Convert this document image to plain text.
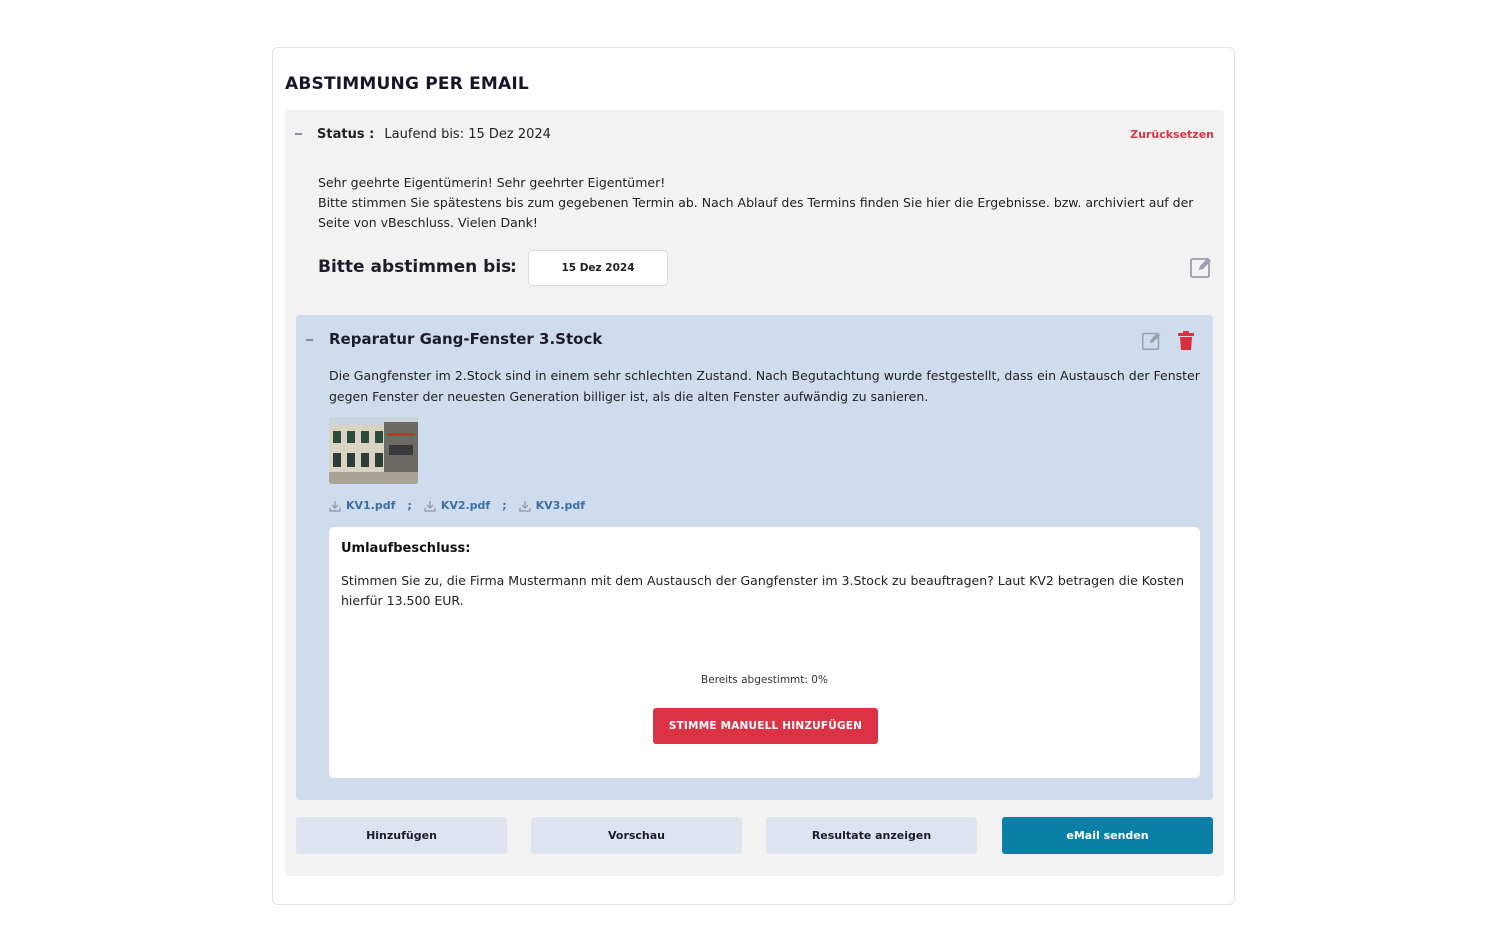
ABSTIMMUNG PER EMAIL
Status : Laufend bis: 15 Dez 2024	Zurücksetzen
Sehr geehrte Eigentümerin! Sehr geehrter Eigentümer!
Bitte stimmen Sie spätestens bis zum gegebenen Termin ab. Nach Ablauf des Termins finden Sie hier die Ergebnisse. bzw. archiviert auf der Seite von vBeschluss. Vielen Dank!
Bitte abstimmen bis
:	15 Dez 2024
Reparatur Gang-Fenster 3.Stock
Die Gangfenster im 2.Stock sind in einem sehr schlechten Zustand. Nach Begutachtung wurde festgestellt, dass ein Austausch der Fenster gegen Fenster der neuesten Generation billiger ist, als die alten Fenster aufwändig zu sanieren.
KV1.pdf ;	KV2.pdf ;	KV3.pdf
Umlaufbeschluss:
Stimmen Sie zu, die Firma Mustermann mit dem Austausch der Gangfenster im 3.Stock zu beauftragen? Laut KV2 betragen die Kosten hierfür 13.500 EUR.
Bereits abgestimmt: 0%
STIMME MANUELL HINZUFÜGEN
Hinzufügen	Vorschau	Resultate anzeigen	eMail senden
